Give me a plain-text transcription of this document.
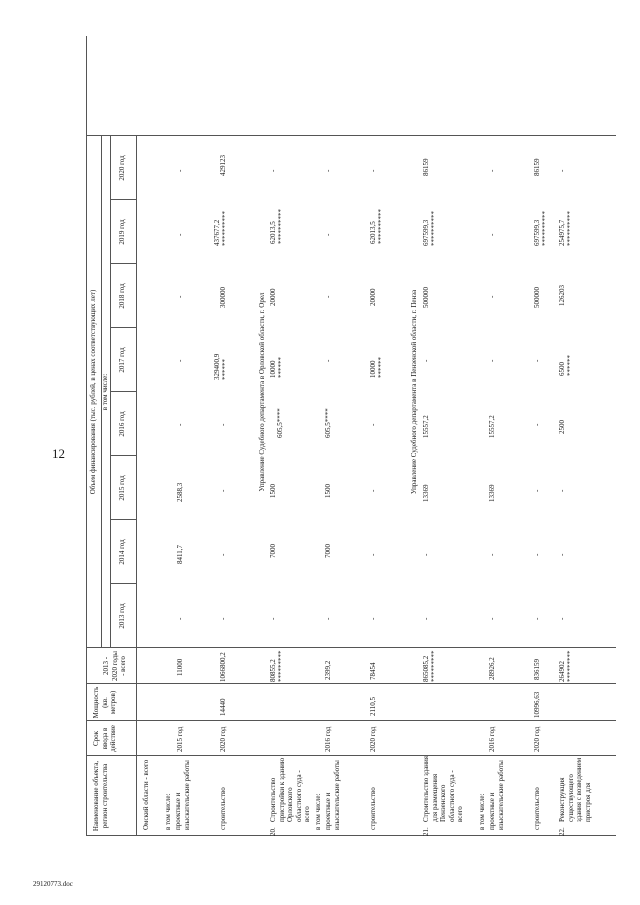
12
29120773.doc
Наименование объекта, регион строительства
Срок ввода в действие
Мощность (кв. метров)
2013 - 2020 годы - всего
Объем финансирования (тыс. рублей, в ценах соответствующих лет) в том числе:
2013 год
2014 год
2015 год
2016 год
2017 год
2018 год
2019 год
2020 год
Управление Судебного департамента в Орловской области, г. Орел	Управление Судебного департамента в Пензенской области, г. Пенза
Омский области - всего в том числе: проектные и изыскательские работы
2015 год
11000
-
8411,7
2588,3
-
-
-
-
-
строительство
2020 год
14440
1066800,2
-
-
-
-
329400,9 ******
300000
437677,2 **********
429123
20.
Строительство пристройки к зданию Орловского областного суда - всего
80855,2 *********
-
7000
1500
605,5****
10000 ******
20000
62013,5 **********
-
в том числе: проектные и изыскательские работы
2016 год
2399,2
-
7000
1500
605,5****
-
-
-
-
строительство
2020 год
2110,5
78454
-
-
-
-
10000 ******
20000
62013,5 **********
-
21.
Строительство здания для размещения Пензенского областного суда - всего
865085,2 *********
-
-
13369
15557,2
-
500000
697599,3 **********
86159
в том числе: проектные и изыскательские работы
2016 год
28926,2
-
-
13369
15557,2
-
-
-
-
строительство
2020 год
10996,63
836159
-
-
-
-
-
500000
697599,3 **********
86159
22.
Реконструкция существующего здания с возведением пристроя для
264902 *********
-
-
-
2500
6500 ******
126203
254975,7 **********
-
